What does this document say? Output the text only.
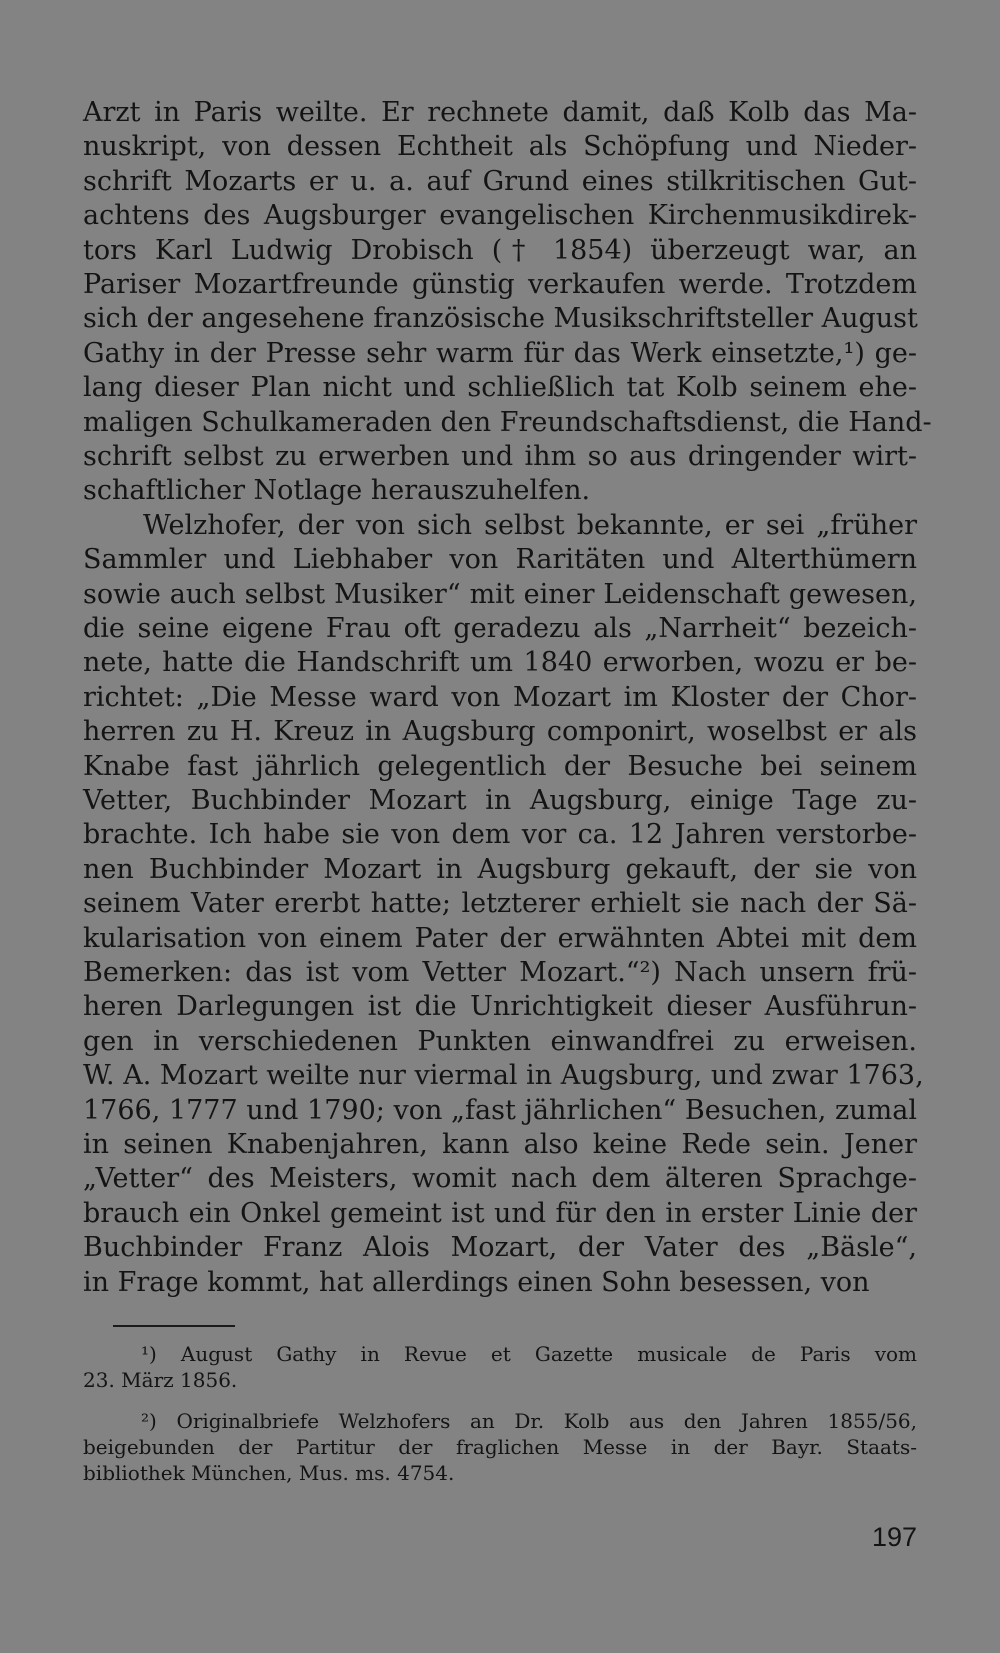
Arzt in Paris weilte. Er rechnete damit, daß Kolb das Ma-
nuskript, von dessen Echtheit als Schöpfung und Nieder-
schrift Mozarts er u. a. auf Grund eines stilkritischen Gut-
achtens des Augsburger evangelischen Kirchenmusikdirek-
tors Karl Ludwig Drobisch († 1854) überzeugt war, an
Pariser Mozartfreunde günstig verkaufen werde. Trotzdem
sich der angesehene französische Musikschriftsteller August
Gathy in der Presse sehr warm für das Werk einsetzte,¹) ge-
lang dieser Plan nicht und schließlich tat Kolb seinem ehe-
maligen Schulkameraden den Freundschaftsdienst, die Hand-
schrift selbst zu erwerben und ihm so aus dringender wirt-
schaftlicher Notlage herauszuhelfen.
Welzhofer, der von sich selbst bekannte, er sei „früher
Sammler und Liebhaber von Raritäten und Alterthümern
sowie auch selbst Musiker“ mit einer Leidenschaft gewesen,
die seine eigene Frau oft geradezu als „Narrheit“ bezeich-
nete, hatte die Handschrift um 1840 erworben, wozu er be-
richtet: „Die Messe ward von Mozart im Kloster der Chor-
herren zu H. Kreuz in Augsburg componirt, woselbst er als
Knabe fast jährlich gelegentlich der Besuche bei seinem
Vetter, Buchbinder Mozart in Augsburg, einige Tage zu-
brachte. Ich habe sie von dem vor ca. 12 Jahren verstorbe-
nen Buchbinder Mozart in Augsburg gekauft, der sie von
seinem Vater ererbt hatte; letzterer erhielt sie nach der Sä-
kularisation von einem Pater der erwähnten Abtei mit dem
Bemerken: das ist vom Vetter Mozart.“²) Nach unsern frü-
heren Darlegungen ist die Unrichtigkeit dieser Ausführun-
gen in verschiedenen Punkten einwandfrei zu erweisen.
W. A. Mozart weilte nur viermal in Augsburg, und zwar 1763,
1766, 1777 und 1790; von „fast jährlichen“ Besuchen, zumal
in seinen Knabenjahren, kann also keine Rede sein. Jener
„Vetter“ des Meisters, womit nach dem älteren Sprachge-
brauch ein Onkel gemeint ist und für den in erster Linie der
Buchbinder Franz Alois Mozart, der Vater des „Bäsle“,
in Frage kommt, hat allerdings einen Sohn besessen, von
¹) August Gathy in Revue et Gazette musicale de Paris vom
23. März 1856.
²) Originalbriefe Welzhofers an Dr. Kolb aus den Jahren 1855/56,
beigebunden der Partitur der fraglichen Messe in der Bayr. Staats-
bibliothek München, Mus. ms. 4754.
197
